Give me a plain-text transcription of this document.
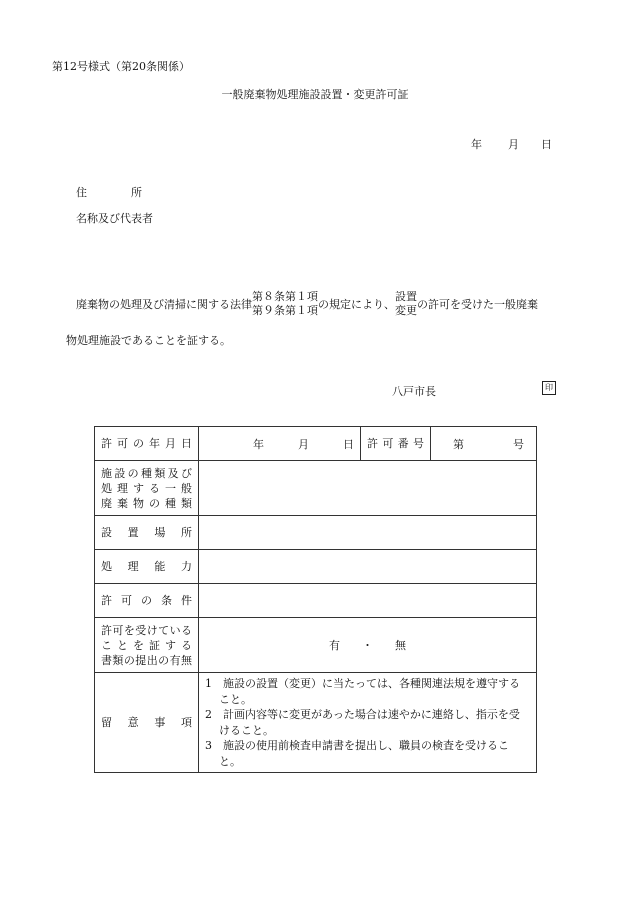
第12号様式（第20条関係）
一般廃棄物処理施設設置・変更許可証
年 月 日
住　　　　所
名称及び代表者
廃棄物の処理及び清掃に関する法律
第８条第１項
第９条第１項 の規定により、
設置
変更 の許可を受けた一般廃棄
物処理施設であることを証する。
八戸市長	印
許可の年月日	年 月 日	許可番号	第 号

施設の種類及び
処理する一般
廃棄物の種類			

設置場所			
処理能力			
許可の条件			

許可を受けている
ことを証する
書類の提出の有無	有　　・　　無		
留　意　事　項	1　施設の設置（変更）に当たっては、各種関連法規を遵守すること。
2　計画内容等に変更があった場合は速やかに連絡し、指示を受けること。
3　施設の使用前検査申請書を提出し、職員の検査を受けること。		
